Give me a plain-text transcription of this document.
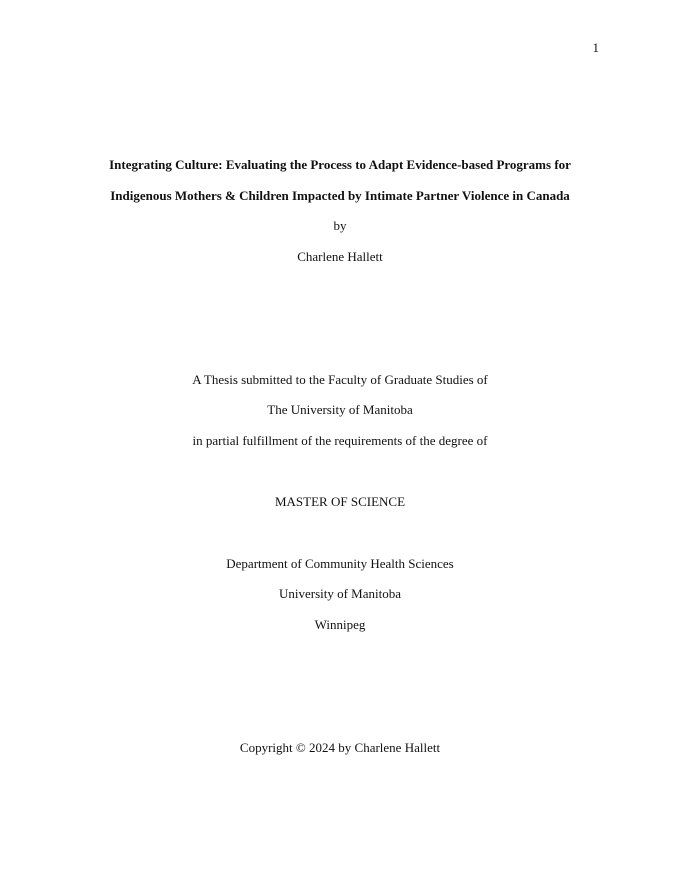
1
Integrating Culture: Evaluating the Process to Adapt Evidence-based Programs for
Indigenous Mothers & Children Impacted by Intimate Partner Violence in Canada
by
Charlene Hallett
A Thesis submitted to the Faculty of Graduate Studies of
The University of Manitoba
in partial fulfillment of the requirements of the degree of
MASTER OF SCIENCE
Department of Community Health Sciences
University of Manitoba
Winnipeg
Copyright © 2024 by Charlene Hallett
